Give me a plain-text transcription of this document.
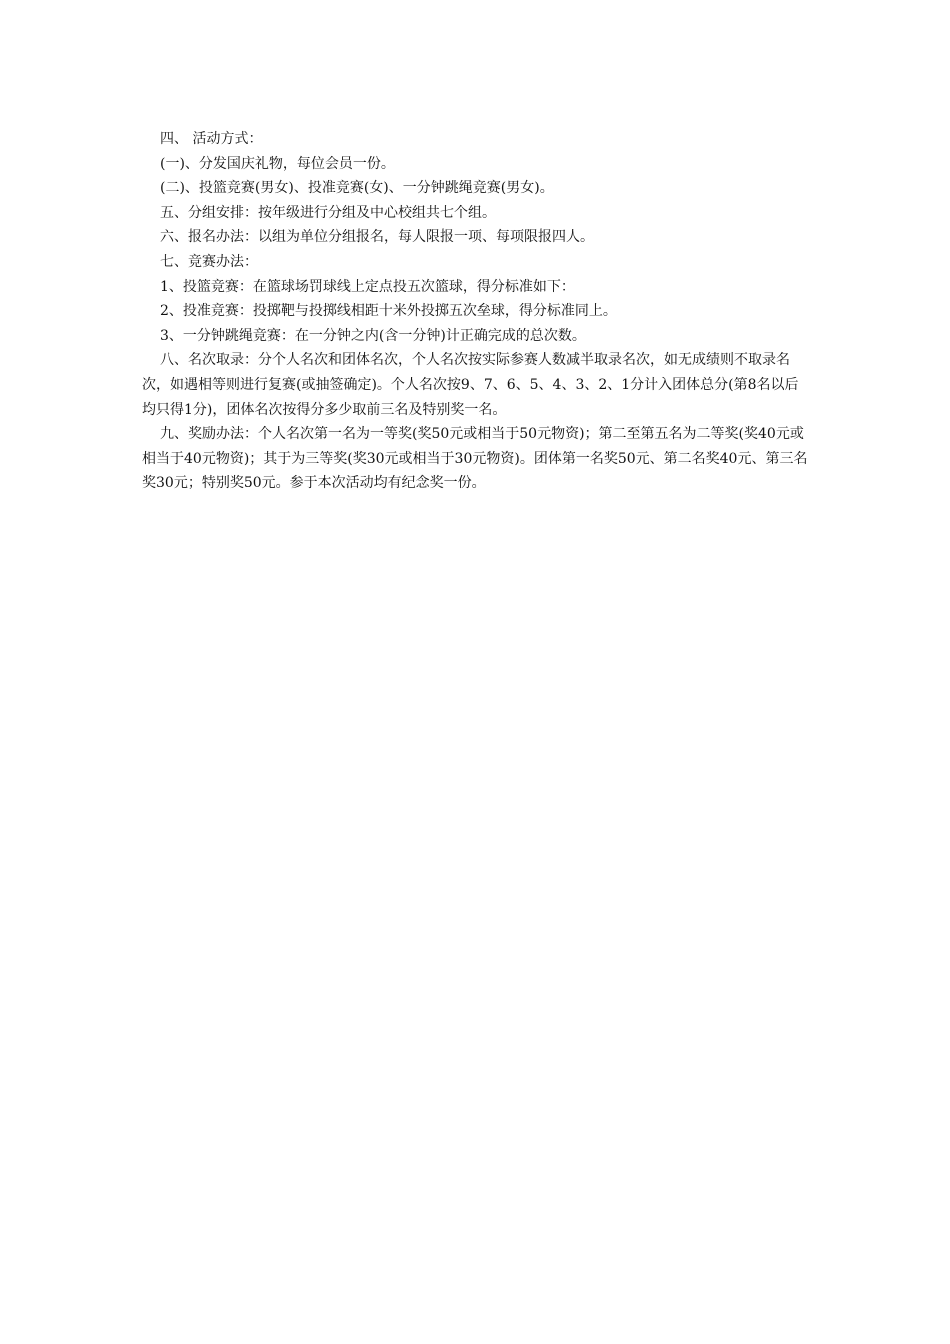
四、 活动方式：

(一)、分发国庆礼物，每位会员一份。

(二)、投篮竞赛(男女)、投准竞赛(女)、一分钟跳绳竞赛(男女)。

五、分组安排：按年级进行分组及中心校组共七个组。

六、报名办法：以组为单位分组报名，每人限报一项、每项限报四人。

七、竞赛办法：

1、投篮竞赛：在篮球场罚球线上定点投五次篮球，得分标准如下：

2、投准竞赛：投掷靶与投掷线相距十米外投掷五次垒球，得分标准同上。

3、一分钟跳绳竞赛：在一分钟之内(含一分钟)计正确完成的总次数。

八、名次取录：分个人名次和团体名次，个人名次按实际参赛人数减半取录名次，如无成绩则不取录名次，如遇相等则进行复赛(或抽签确定)。个人名次按9、7、6、5、4、3、2、1分计入团体总分(第8名以后均只得1分)，团体名次按得分多少取前三名及特别奖一名。

九、奖励办法：个人名次第一名为一等奖(奖50元或相当于50元物资)；第二至第五名为二等奖(奖40元或相当于40元物资)；其于为三等奖(奖30元或相当于30元物资)。团体第一名奖50元、第二名奖40元、第三名奖30元；特别奖50元。参于本次活动均有纪念奖一份。
